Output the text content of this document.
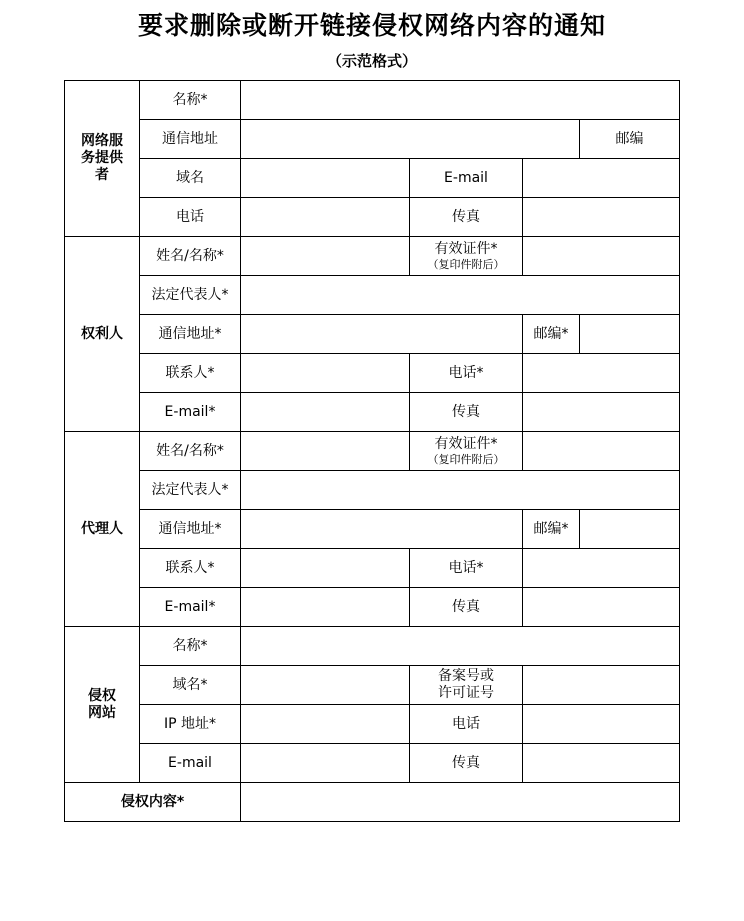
要求删除或断开链接侵权网络内容的通知
（示范格式）
网络服
务提供
者	名称*					

	通信地址				邮编	
	域名		E-mail			
	电话		传真			
权利人	姓名/名称*		有效证件*
（复印件附后）			

	法定代表人*					
	通信地址*			邮编*		
	联系人*		电话*			
	E-mail*		传真			
代理人	姓名/名称*		有效证件*
（复印件附后）			

	法定代表人*					
	通信地址*			邮编*		
	联系人*		电话*			
	E-mail*		传真			

侵权
网站	名称*					
	域名*		备案号或
许可证号			

	IP 地址*		电话			
	E-mail		传真			
侵权内容*						
